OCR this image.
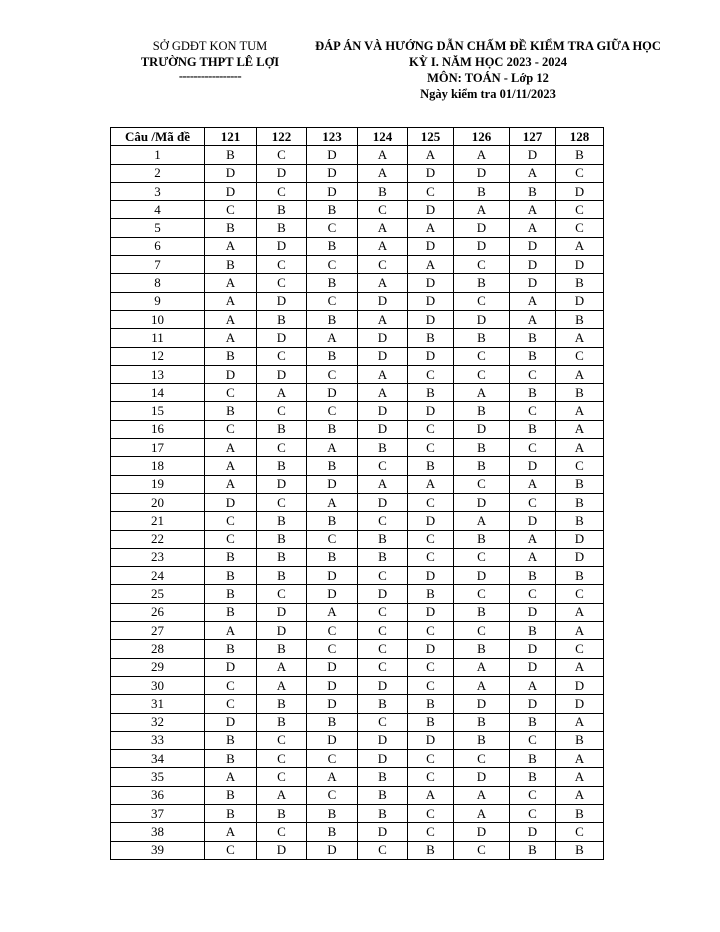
SỞ GDĐT KON TUM
TRƯỜNG THPT LÊ LỢI
-----------------
ĐÁP ÁN VÀ HƯỚNG DẪN CHẤM ĐỀ KIỂM TRA GIỮA HỌC
KỲ I. NĂM HỌC 2023 - 2024
MÔN: TOÁN - Lớp 12
Ngày kiểm tra 01/11/2023
Câu /Mã đề	121	122	123	124	125	126	127	128
1	B	C	D	A	A	A	D	B
2	D	D	D	A	D	D	A	C
3	D	C	D	B	C	B	B	D
4	C	B	B	C	D	A	A	C
5	B	B	C	A	A	D	A	C
6	A	D	B	A	D	D	D	A
7	B	C	C	C	A	C	D	D
8	A	C	B	A	D	B	D	B
9	A	D	C	D	D	C	A	D
10	A	B	B	A	D	D	A	B
11	A	D	A	D	B	B	B	A
12	B	C	B	D	D	C	B	C
13	D	D	C	A	C	C	C	A
14	C	A	D	A	B	A	B	B
15	B	C	C	D	D	B	C	A
16	C	B	B	D	C	D	B	A
17	A	C	A	B	C	B	C	A
18	A	B	B	C	B	B	D	C
19	A	D	D	A	A	C	A	B
20	D	C	A	D	C	D	C	B
21	C	B	B	C	D	A	D	B
22	C	B	C	B	C	B	A	D
23	B	B	B	B	C	C	A	D
24	B	B	D	C	D	D	B	B
25	B	C	D	D	B	C	C	C
26	B	D	A	C	D	B	D	A
27	A	D	C	C	C	C	B	A
28	B	B	C	C	D	B	D	C
29	D	A	D	C	C	A	D	A
30	C	A	D	D	C	A	A	D
31	C	B	D	B	B	D	D	D
32	D	B	B	C	B	B	B	A
33	B	C	D	D	D	B	C	B
34	B	C	C	D	C	C	B	A
35	A	C	A	B	C	D	B	A
36	B	A	C	B	A	A	C	A
37	B	B	B	B	C	A	C	B
38	A	C	B	D	C	D	D	C
39	C	D	D	C	B	C	B	B
